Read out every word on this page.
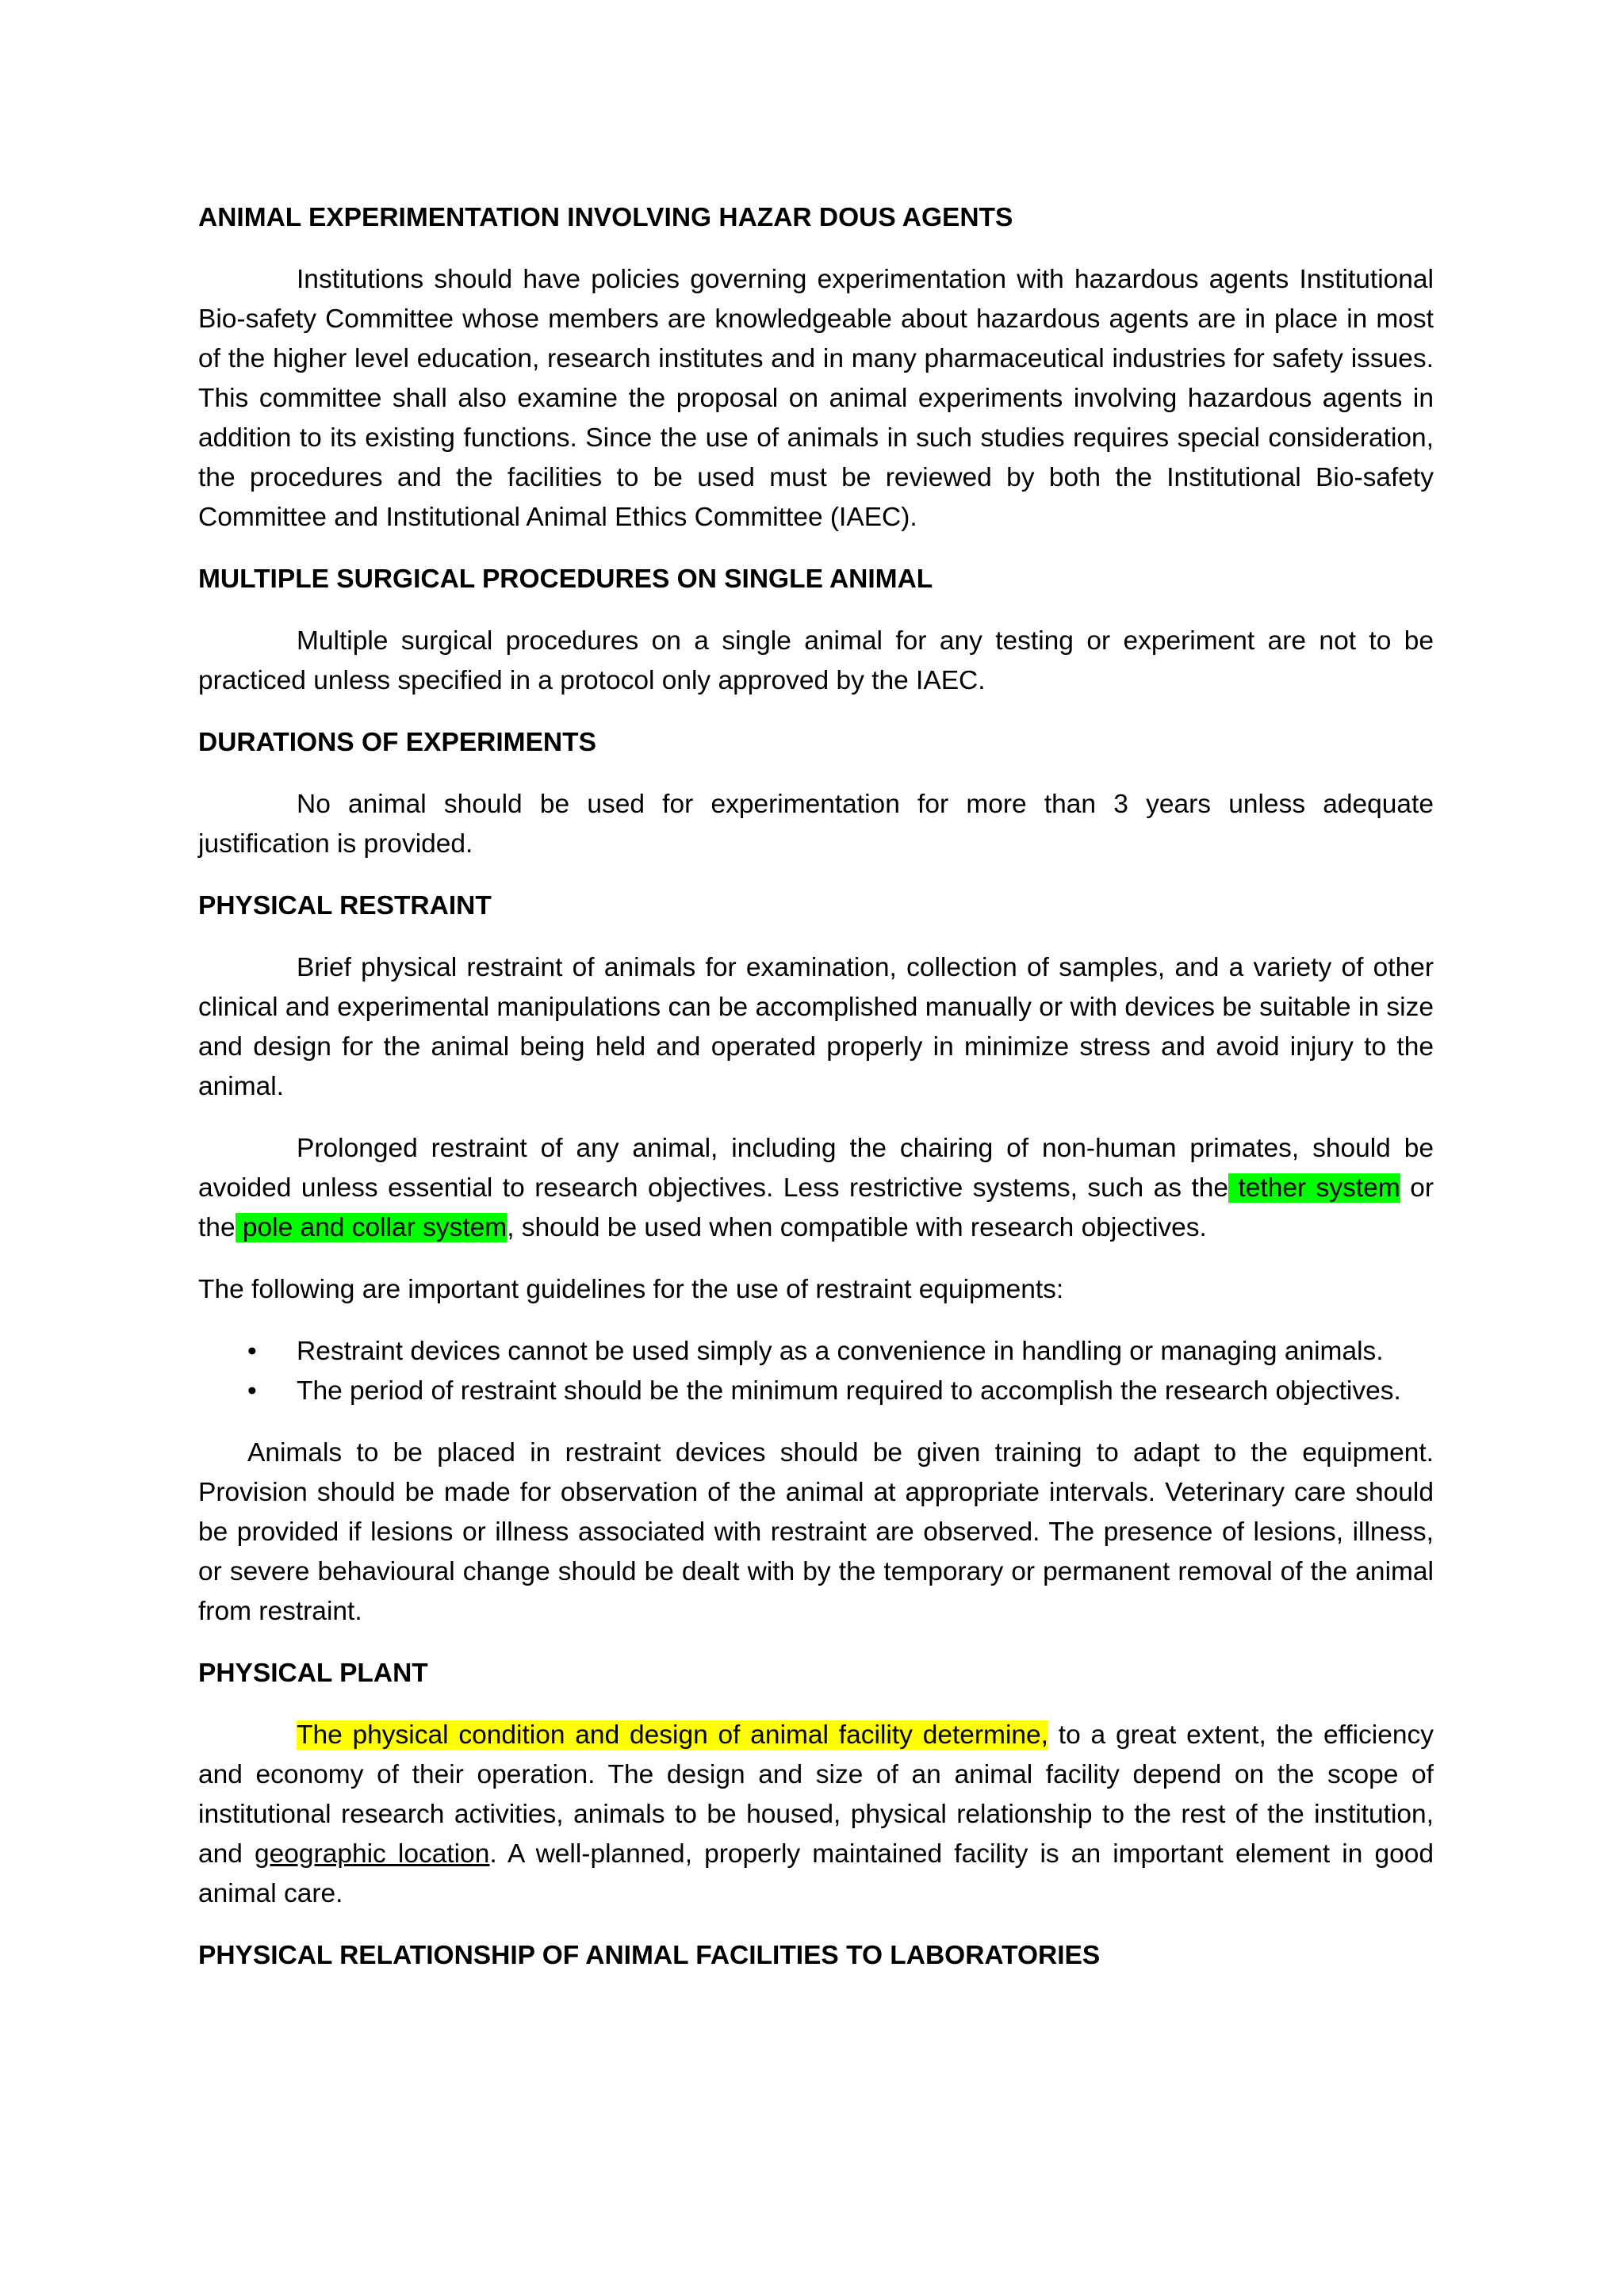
ANIMAL EXPERIMENTATION INVOLVING HAZAR DOUS AGENTS

Institutions should have policies governing experimentation with hazardous agents Institutional Bio-safety Committee whose members are knowledgeable about hazardous agents are in place in most of the higher level education, research institutes and in many pharmaceutical industries for safety issues. This committee shall also examine the proposal on animal experiments involving hazardous agents in addition to its existing functions. Since the use of animals in such studies requires special consideration, the procedures and the facilities to be used must be reviewed by both the Institutional Bio-safety Committee and Institutional Animal Ethics Committee (IAEC).

MULTIPLE SURGICAL PROCEDURES ON SINGLE ANIMAL

Multiple surgical procedures on a single animal for any testing or experiment are not to be practiced unless specified in a protocol only approved by the IAEC.

DURATIONS OF EXPERIMENTS

No animal should be used for experimentation for more than 3 years unless adequate justification is provided.

PHYSICAL RESTRAINT

Brief physical restraint of animals for examination, collection of samples, and a variety of other clinical and experimental manipulations can be accomplished manually or with devices be suitable in size and design for the animal being held and operated properly in minimize stress and avoid injury to the animal.

Prolonged restraint of any animal, including the chairing of non-human primates, should be avoided unless essential to research objectives. Less restrictive systems, such as the tether system or the pole and collar system, should be used when compatible with research objectives.

The following are important guidelines for the use of restraint equipments:

• Restraint devices cannot be used simply as a convenience in handling or managing animals.
• The period of restraint should be the minimum required to accomplish the research objectives.

Animals to be placed in restraint devices should be given training to adapt to the equipment. Provision should be made for observation of the animal at appropriate intervals. Veterinary care should be provided if lesions or illness associated with restraint are observed. The presence of lesions, illness, or severe behavioural change should be dealt with by the temporary or permanent removal of the animal from restraint.

PHYSICAL PLANT

The physical condition and design of animal facility determine, to a great extent, the efficiency and economy of their operation. The design and size of an animal facility depend on the scope of institutional research activities, animals to be housed, physical relationship to the rest of the institution, and geographic location. A well-planned, properly maintained facility is an important element in good animal care.

PHYSICAL RELATIONSHIP OF ANIMAL FACILITIES TO LABORATORIES
